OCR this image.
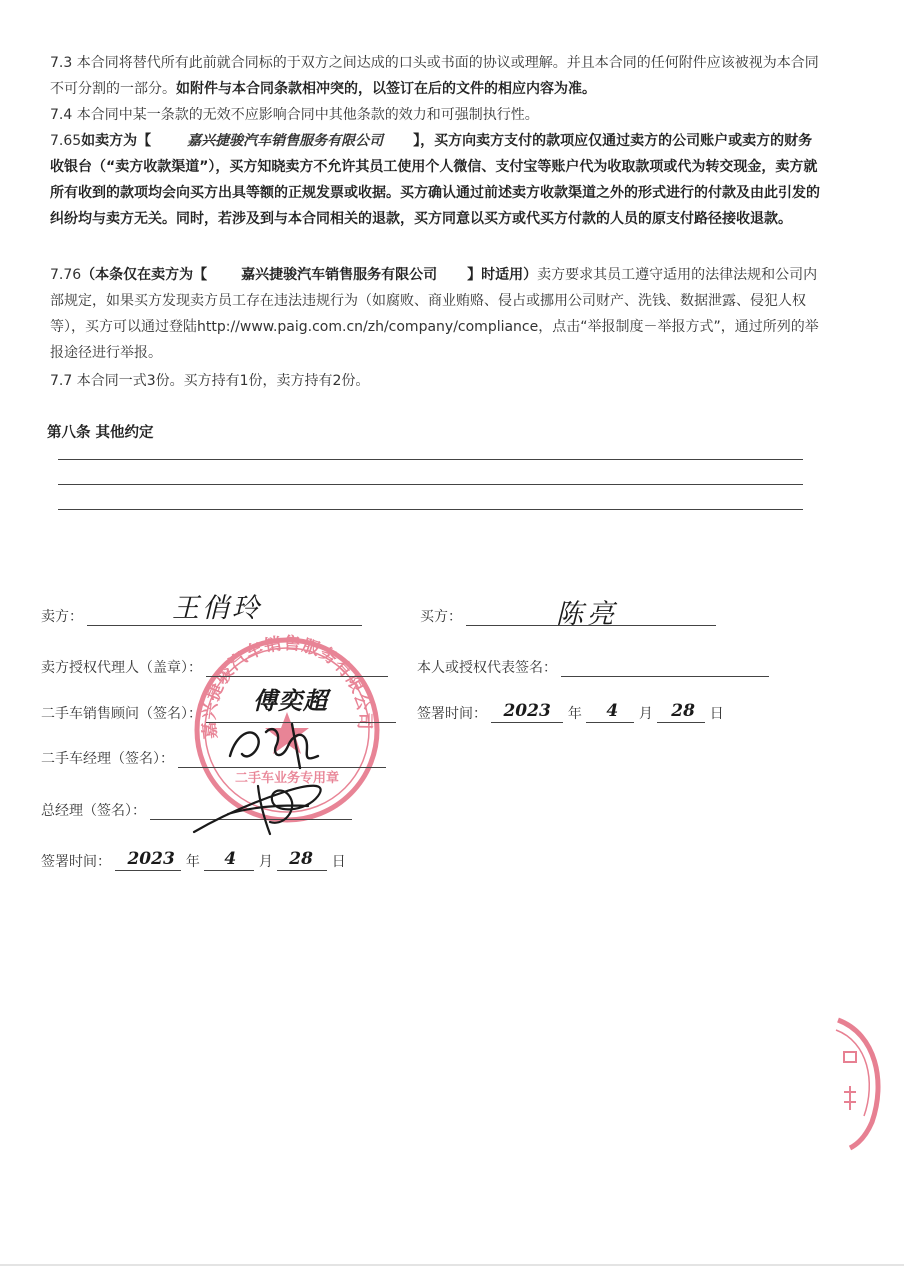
7.3 本合同将替代所有此前就合同标的于双方之间达成的口头或书面的协议或理解。并且本合同的任何附件应该被视为本合同不可分割的一部分。如附件与本合同条款相冲突的，以签订在后的文件的相应内容为准。
7.4 本合同中某一条款的无效不应影响合同中其他条款的效力和可强制执行性。
7.65如卖方为【	嘉兴捷骏汽车销售服务有限公司 】，买方向卖方支付的款项应仅通过卖方的公司账户或卖方的财务收银台（“卖方收款渠道”），买方知晓卖方不允许其员工使用个人微信、支付宝等账户代为收取款项或代为转交现金，卖方就所有收到的款项均会向买方出具等额的正规发票或收据。买方确认通过前述卖方收款渠道之外的形式进行的付款及由此引发的纠纷均与卖方无关。同时，若涉及到与本合同相关的退款，买方同意以买方或代买方付款的人员的原支付路径接收退款。
7.76（本条仅在卖方为【 嘉兴捷骏汽车销售服务有限公司 】时适用）卖方要求其员工遵守适用的法律法规和公司内部规定，如果买方发现卖方员工存在违法违规行为（如腐败、商业贿赂、侵占或挪用公司财产、洗钱、数据泄露、侵犯人权等），买方可以通过登陆http://www.paig.com.cn/zh/company/compliance，点击“举报制度－举报方式”，通过所列的举报途径进行举报。
7.7 本合同一式3份。买方持有1份，卖方持有2份。
第八条 其他约定
嘉兴捷骏汽车销售服务有限公司
二手车业务专用章
卖方：	王俏玲	买方：	陈亮
卖方授权代理人（盖章）：	本人或授权代表签名：
二手车销售顾问（签名）：	傅奕超	签署时间： 2023 年 4 月 28 日
二手车经理（签名）：
总经理（签名）：
签署时间： 2023 年 4 月 28 日
